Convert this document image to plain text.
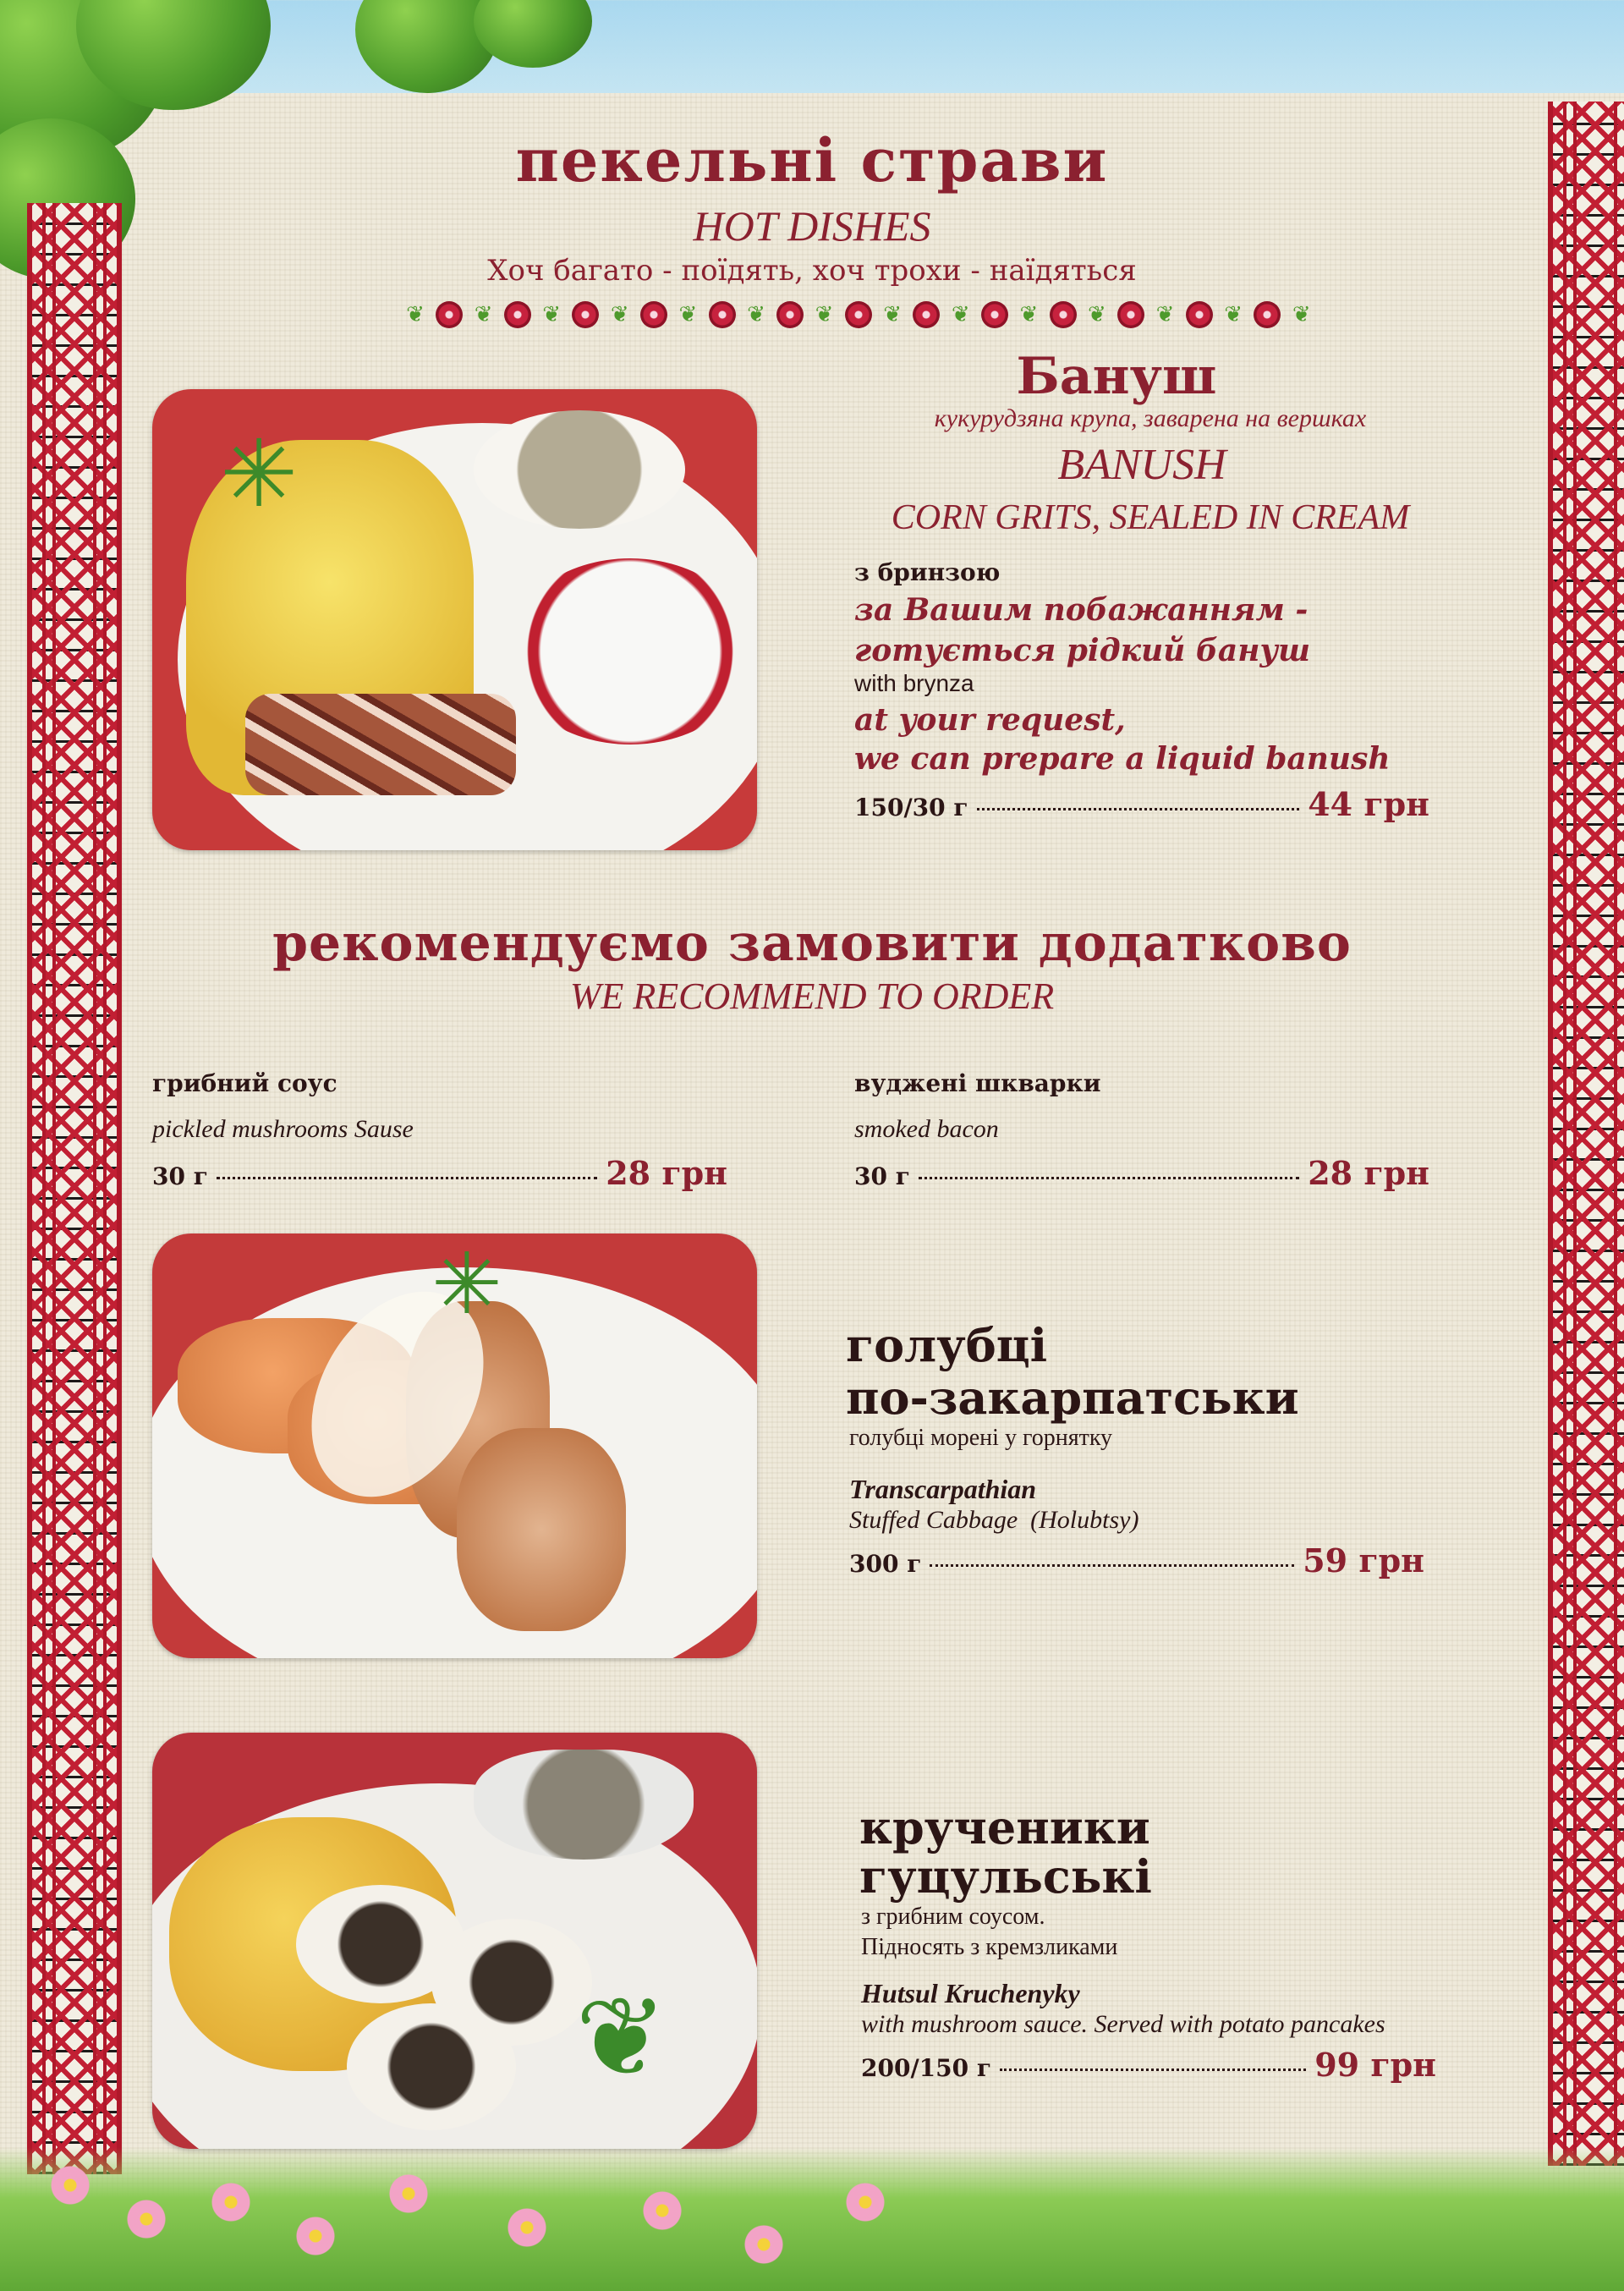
пекельні страви
HOT DISHES
Хоч багато - поїдять, хоч трохи - наїдяться
❦ ❦ ❦ ❦ ❦ ❦ ❦ ❦ ❦ ❦ ❦ ❦ ❦ ❦
✳
Бануш
кукурудзяна крупа, заварена на вершках
BANUSH
CORN GRITS, SEALED IN CREAM
з бринзою
за Вашим побажанням -
готується рідкий бануш
with brynza
at your request,
we can prepare a liquid banush
150/30 г	44 грн
рекомендуємо замовити додатково
WE RECOMMEND TO ORDER
грибний соус
pickled mushrooms Sause
30 г	28 грн
вуджені шкварки
smoked bacon
30 г	28 грн
✳
голубці
по-закарпатськи
голубці морені у горнятку
Transcarpathian
Stuffed Cabbage  (Holubtsy)
300 г	59 грн
❦
крученики
гуцульські
з грибним соусом.
Підносять з кремзликами
Hutsul Kruchenyky
with mushroom sauce. Served with potato pancakes
200/150 г	99 грн
